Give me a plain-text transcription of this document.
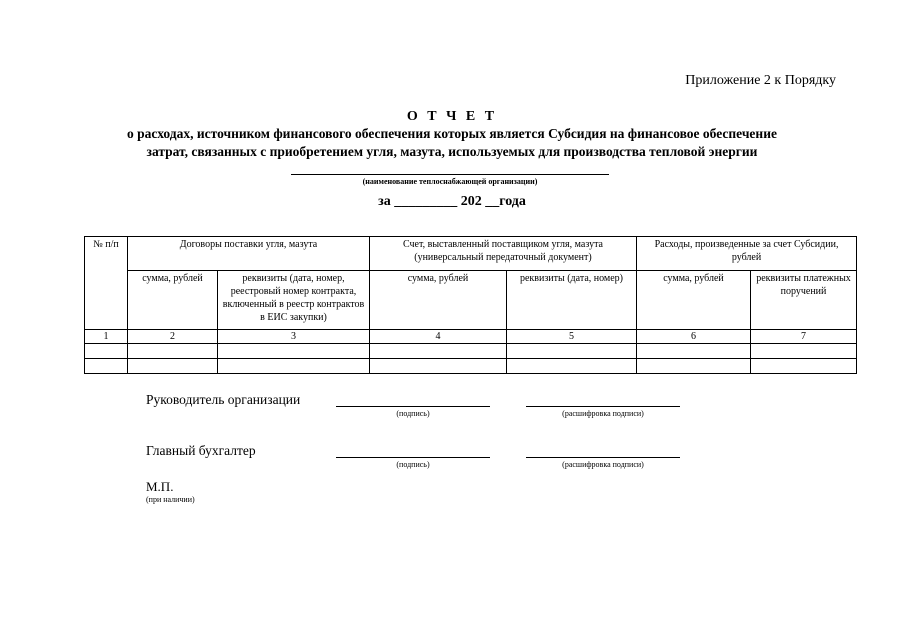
Приложение 2 к Порядку
О Т Ч Е Т
о расходах, источником финансового обеспечения которых является Субсидия на финансовое обеспечение
затрат, связанных с приобретением угля, мазута, используемых для производства тепловой энергии
(наименование теплоснабжающей организации)
за _________ 202 __года
№ п/п	Договоры поставки угля, мазута		Счет, выставленный поставщиком угля, мазута (универсальный передаточный документ)		Расходы, произведенные за счет Субсидии, рублей	
	сумма, рублей	реквизиты (дата, номер, реестровый номер контракта, включенный в реестр контрактов в ЕИС закупки)	сумма, рублей	реквизиты (дата, номер)	сумма, рублей	реквизиты платежных поручений
1	2	3	4	5	6	7

Руководитель организации
(подпись)	(расшифровка подписи)
Главный бухгалтер
(подпись)	(расшифровка подписи)
М.П.
(при наличии)
